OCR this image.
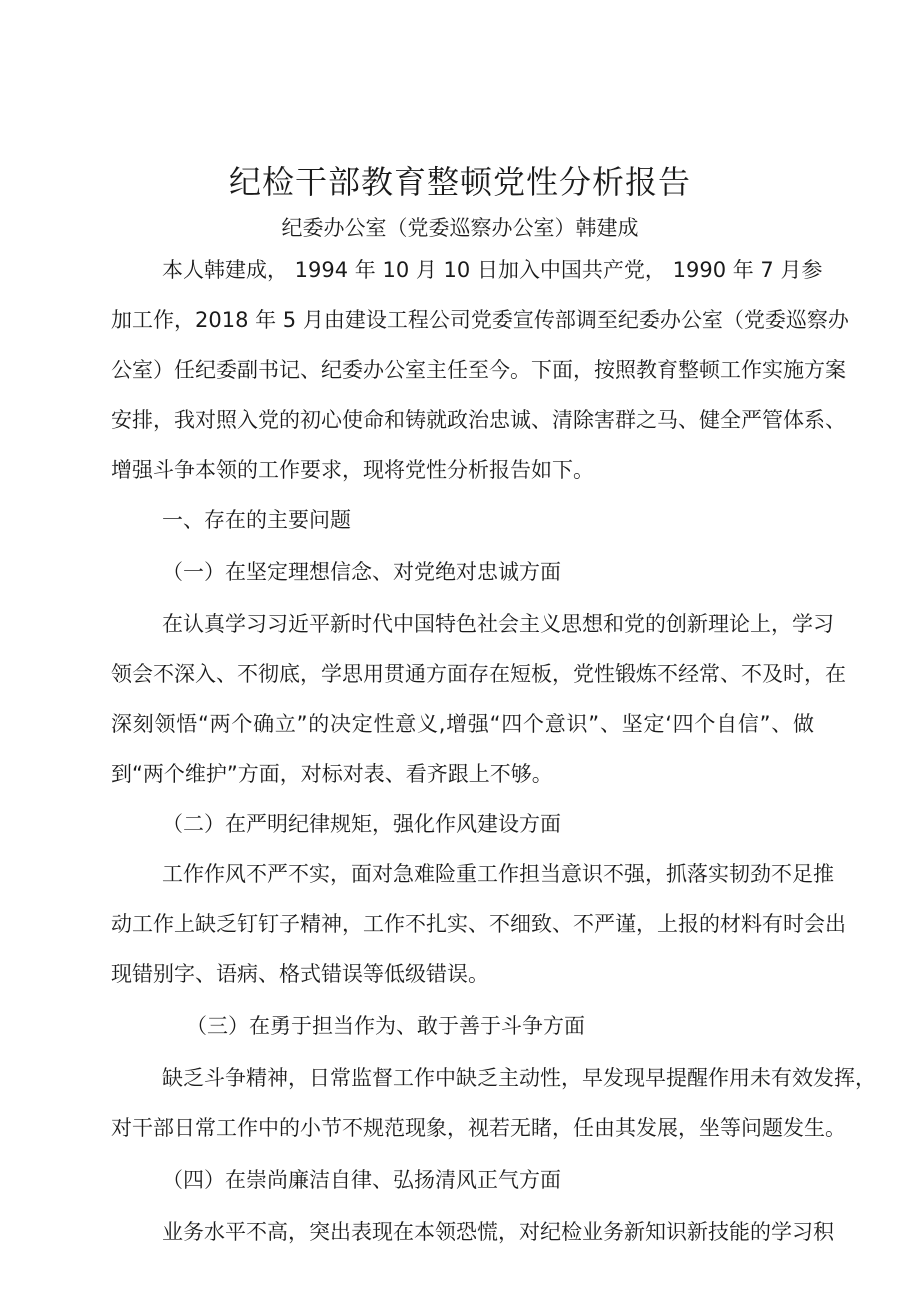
纪检干部教育整顿党性分析报告
纪委办公室（党委巡察办公室）韩建成
本人韩建成， 1994 年 10 月 10 日加入中国共产党， 1990 年 7 月参
加工作，2018 年 5 月由建设工程公司党委宣传部调至纪委办公室（党委巡察办
公室）任纪委副书记、纪委办公室主任至今。下面，按照教育整顿工作实施方案
安排，我对照入党的初心使命和铸就政治忠诚、清除害群之马、健全严管体系、
增强斗争本领的工作要求，现将党性分析报告如下。
一、存在的主要问题
（一）在坚定理想信念、对党绝对忠诚方面
在认真学习习近平新时代中国特色社会主义思想和党的创新理论上，学习
领会不深入、不彻底，学思用贯通方面存在短板，党性锻炼不经常、不及时，在
深刻领悟“两个确立”的决定性意义,增强“四个意识”、坚定‘四个自信”、做
到“两个维护”方面，对标对表、看齐跟上不够。
（二）在严明纪律规矩，强化作风建设方面
工作作风不严不实，面对急难险重工作担当意识不强，抓落实韧劲不足推
动工作上缺乏钉钉子精神，工作不扎实、不细致、不严谨，上报的材料有时会出
现错别字、语病、格式错误等低级错误。
（三）在勇于担当作为、敢于善于斗争方面
缺乏斗争精神，日常监督工作中缺乏主动性，早发现早提醒作用未有效发挥，
对干部日常工作中的小节不规范现象，视若无睹，任由其发展，坐等问题发生。
（四）在崇尚廉洁自律、弘扬清风正气方面
业务水平不高，突出表现在本领恐慌，对纪检业务新知识新技能的学习积
